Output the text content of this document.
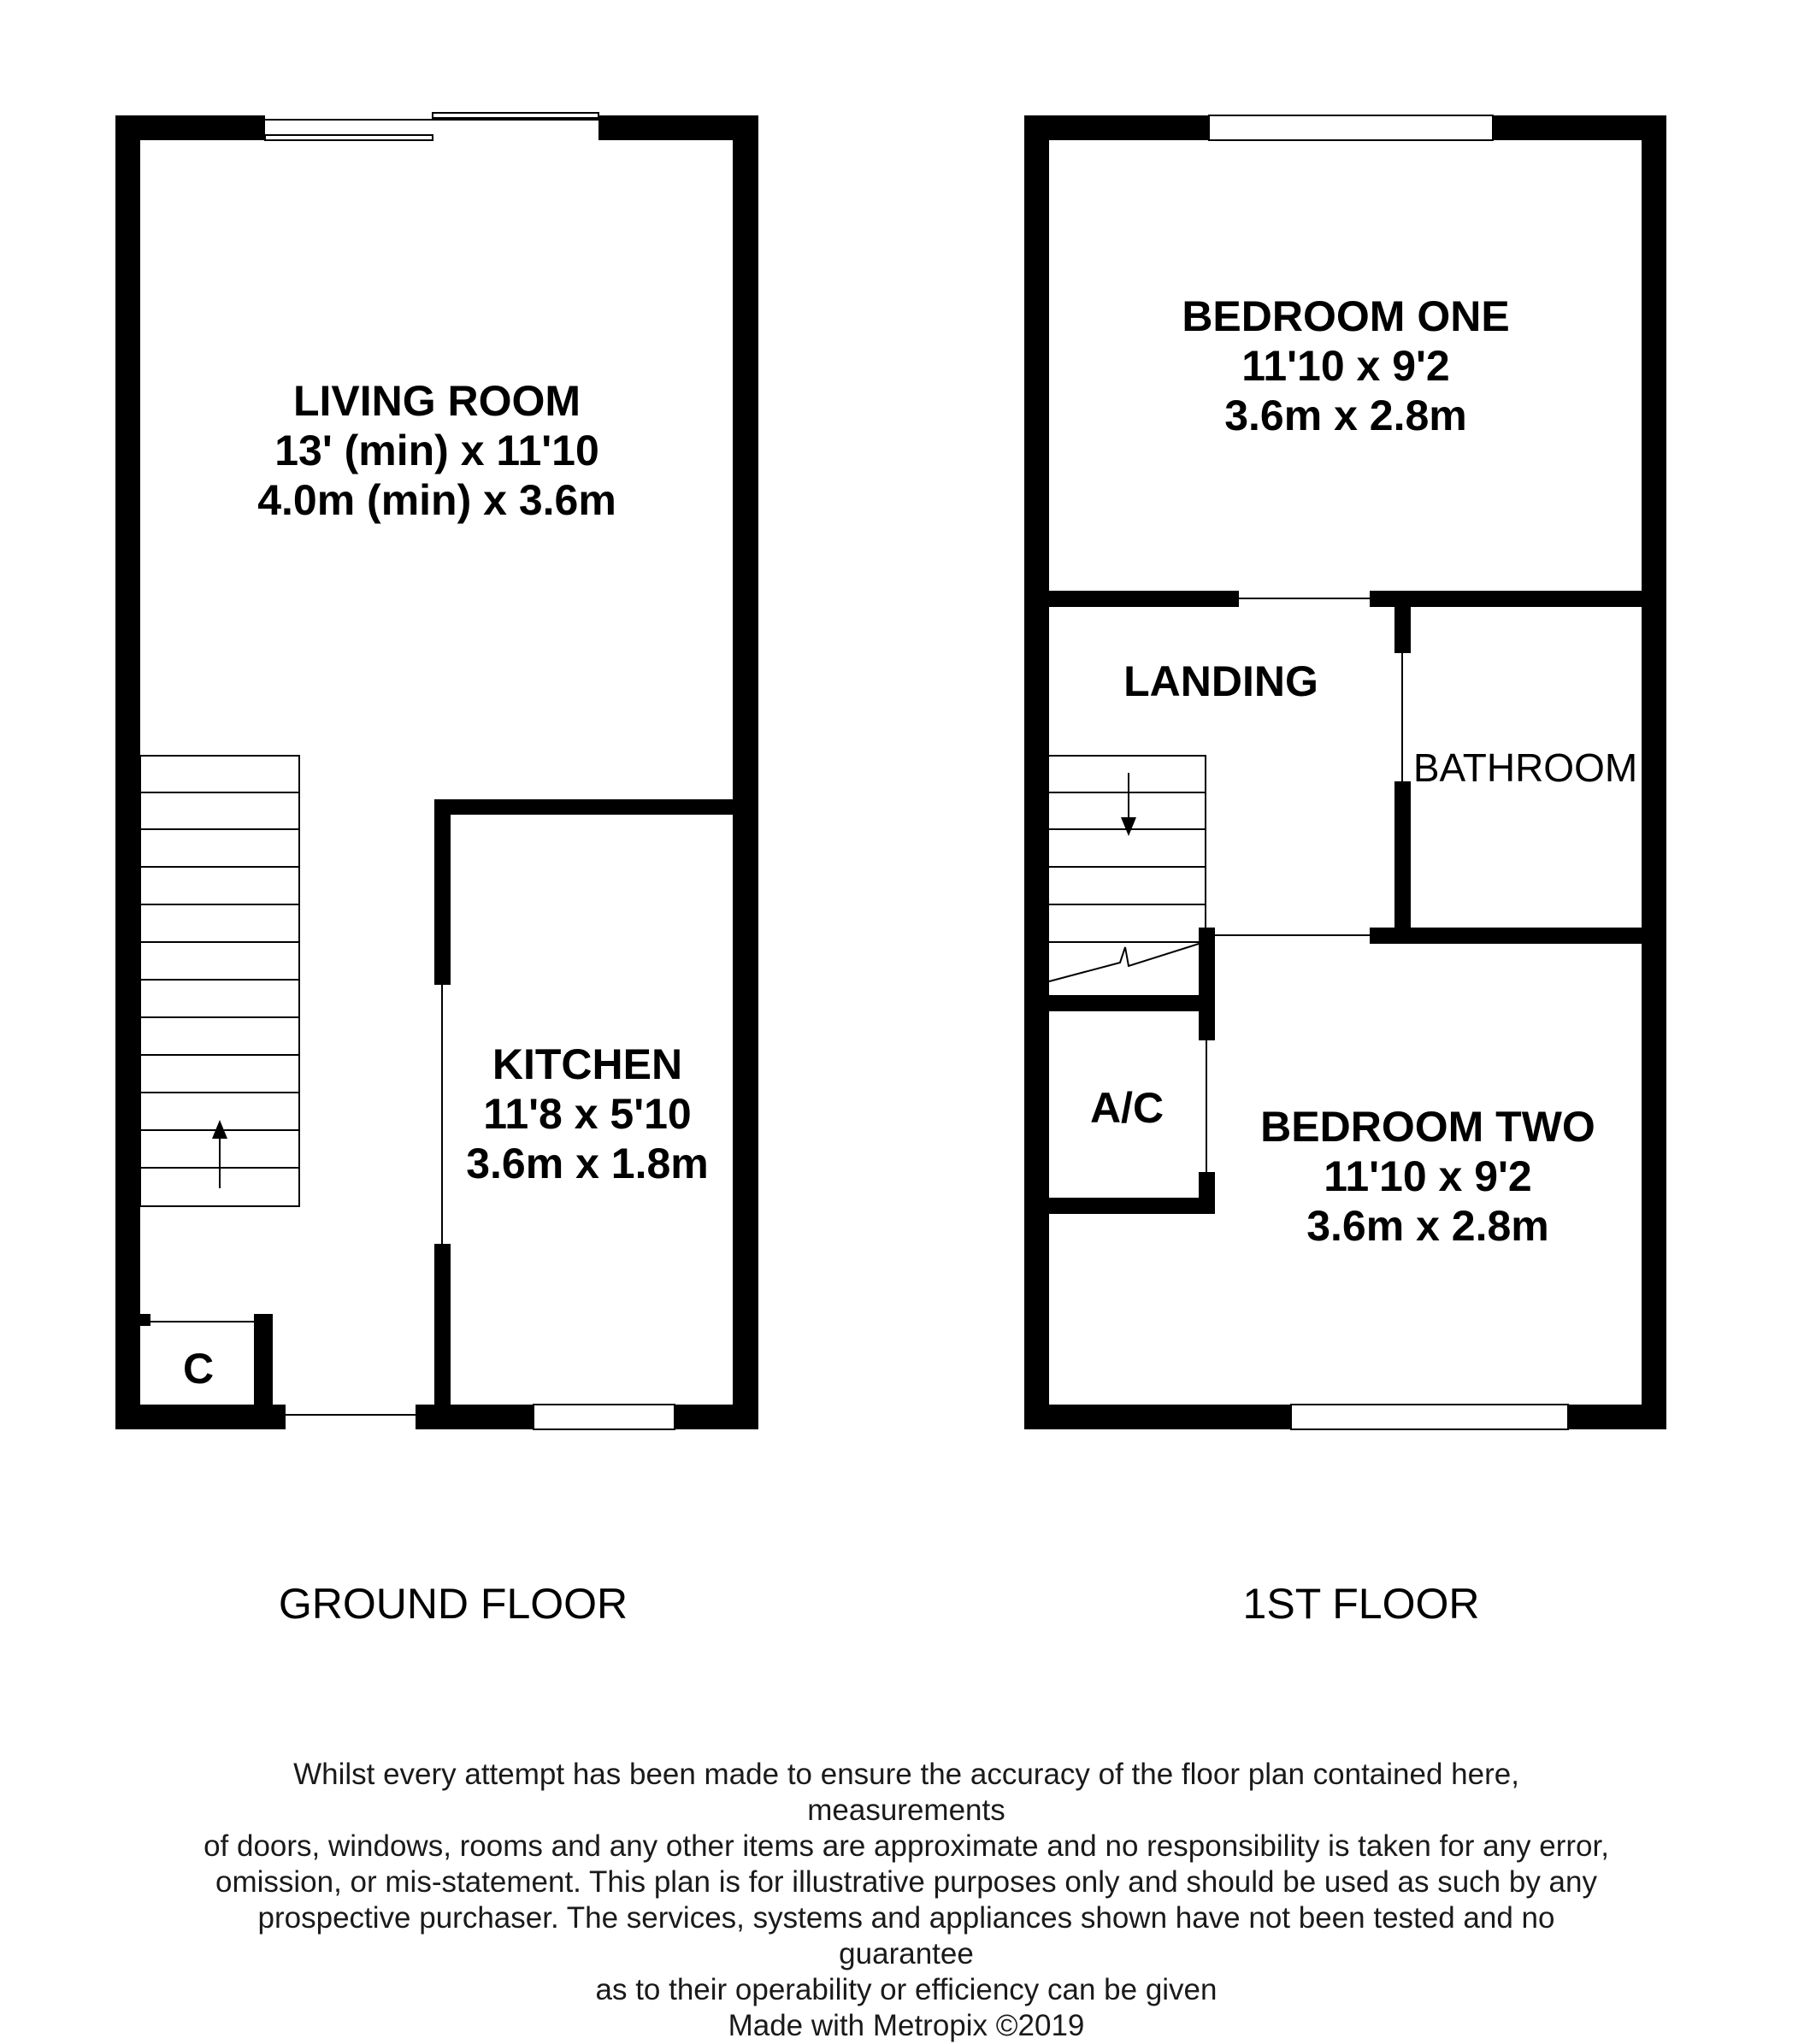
LIVING ROOM
13' (min) x 11'10
4.0m (min) x 3.6m
KITCHEN
11'8 x 5'10
3.6m x 1.8m
C
GROUND FLOOR
BEDROOM ONE
11'10 x 9'2
3.6m x 2.8m
LANDING
BATHROOM
A/C BEDROOM TWO
11'10 x 9'2
3.6m x 2.8m
1ST FLOOR
Whilst every attempt has been made to ensure the accuracy of the floor plan contained here, measurements
of doors, windows, rooms and any other items are approximate and no responsibility is taken for any error,
omission, or mis-statement. This plan is for illustrative purposes only and should be used as such by any
prospective purchaser. The services, systems and appliances shown have not been tested and no guarantee
as to their operability or efficiency can be given
Made with Metropix ©2019
